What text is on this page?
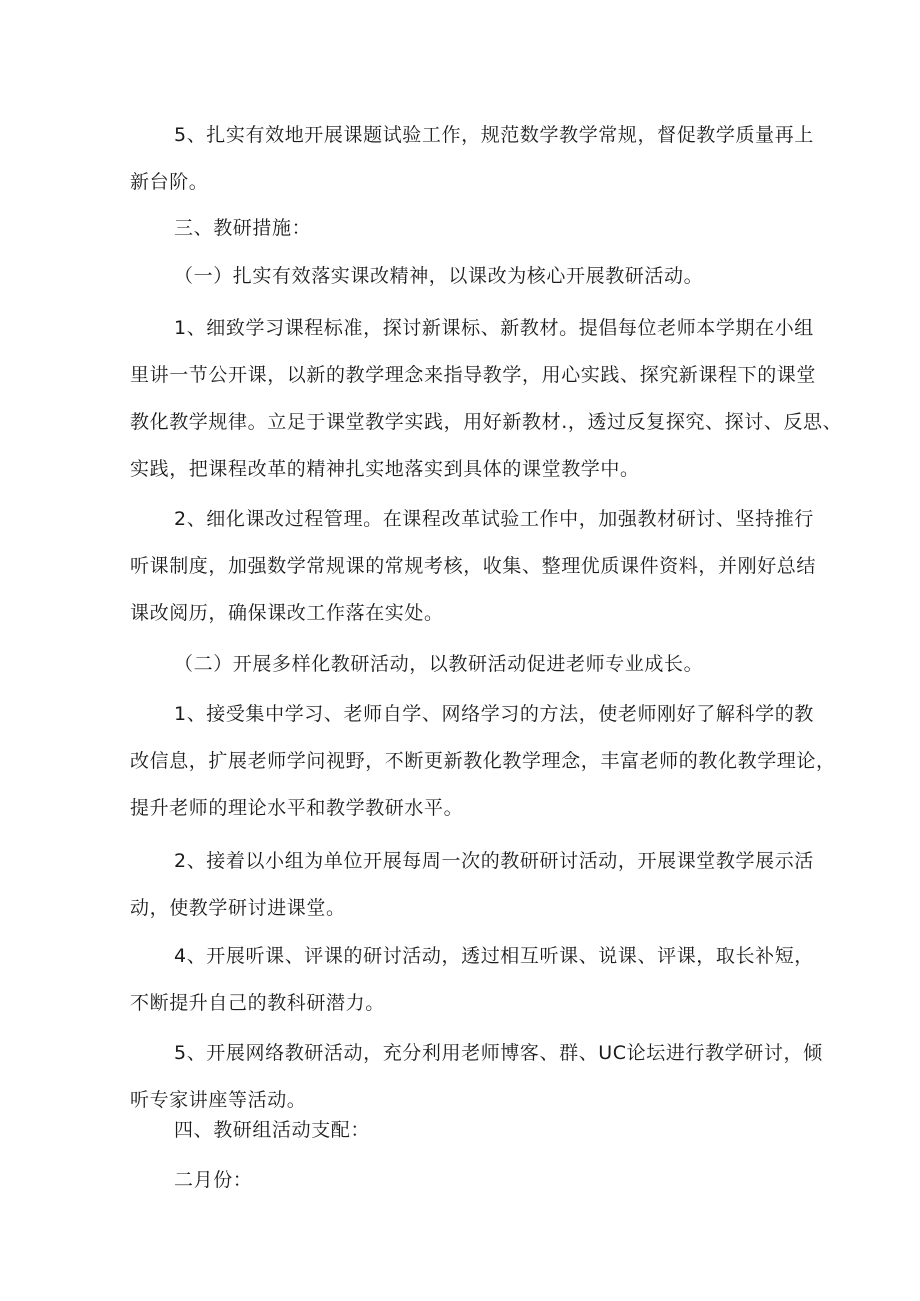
5、扎实有效地开展课题试验工作，规范数学教学常规，督促教学质量再上
新台阶。

三、教研措施：

（一）扎实有效落实课改精神，以课改为核心开展教研活动。

1、细致学习课程标准，探讨新课标、新教材。提倡每位老师本学期在小组
里讲一节公开课，以新的教学理念来指导教学，用心实践、探究新课程下的课堂
教化教学规律。立足于课堂教学实践，用好新教材.，透过反复探究、探讨、反思、
实践，把课程改革的精神扎实地落实到具体的课堂教学中。

2、细化课改过程管理。在课程改革试验工作中，加强教材研讨、坚持推行
听课制度，加强数学常规课的常规考核，收集、整理优质课件资料，并刚好总结
课改阅历，确保课改工作落在实处。

（二）开展多样化教研活动，以教研活动促进老师专业成长。

1、接受集中学习、老师自学、网络学习的方法，使老师刚好了解科学的教
改信息，扩展老师学问视野，不断更新教化教学理念，丰富老师的教化教学理论，
提升老师的理论水平和教学教研水平。

2、接着以小组为单位开展每周一次的教研研讨活动，开展课堂教学展示活
动，使教学研讨进课堂。

4、开展听课、评课的研讨活动，透过相互听课、说课、评课，取长补短，
不断提升自己的教科研潜力。

5、开展网络教研活动，充分利用老师博客、群、UC论坛进行教学研讨，倾
听专家讲座等活动。

四、教研组活动支配：

二月份：
